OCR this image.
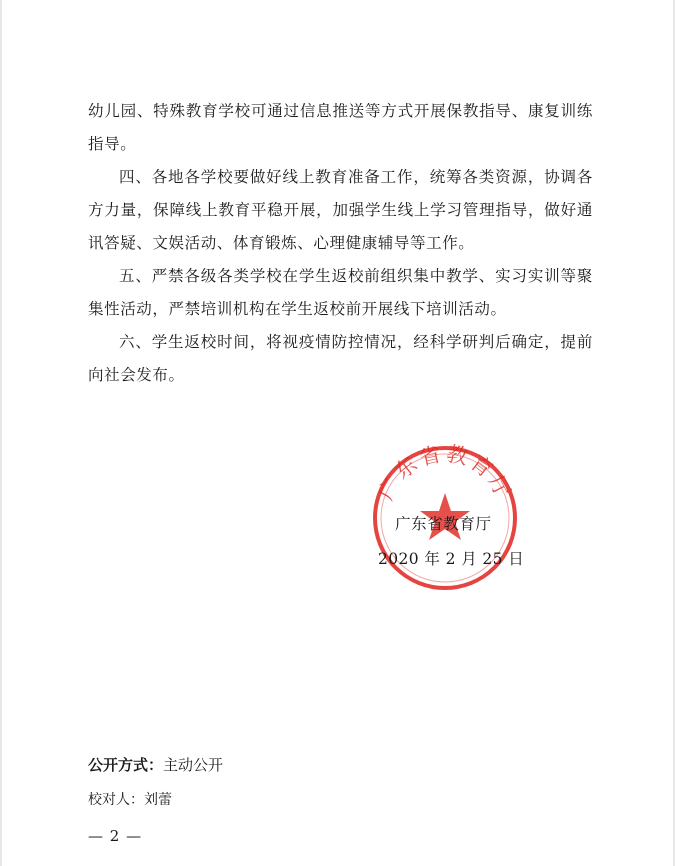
幼儿园、特殊教育学校可通过信息推送等方式开展保教指导、康复训练指导。

四、各地各学校要做好线上教育准备工作，统筹各类资源，协调各方力量，保障线上教育平稳开展，加强学生线上学习管理指导，做好通讯答疑、文娱活动、体育锻炼、心理健康辅导等工作。

五、严禁各级各类学校在学生返校前组织集中教学、实习实训等聚集性活动，严禁培训机构在学生返校前开展线下培训活动。

六、学生返校时间，将视疫情防控情况，经科学研判后确定，提前向社会发布。

广东省教育厅
广东省教育厅
2020 年 2 月 25 日
公开方式：主动公开
校对人：刘蕾
— 2 —
